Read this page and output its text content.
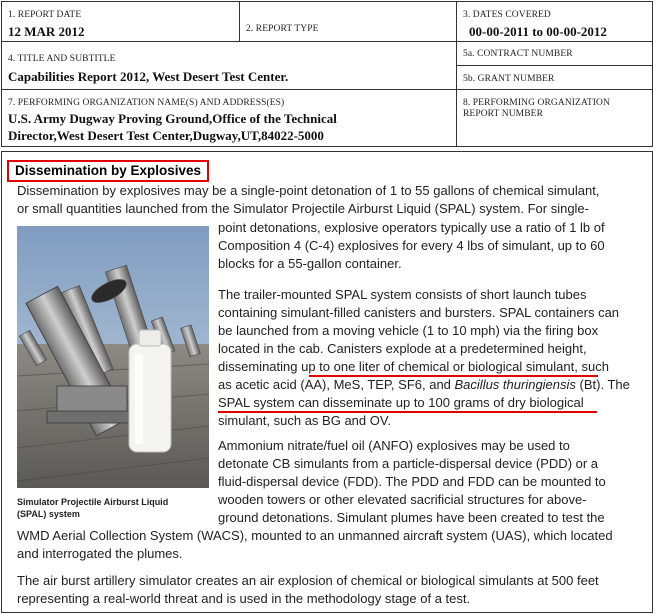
1. REPORT DATE
12 MAR 2012	2. REPORT TYPE
3. DATES COVERED
00-00-2011 to 00-00-2012
4. TITLE AND SUBTITLE
Capabilities Report 2012, West Desert Test Center.
5a. CONTRACT NUMBER
5b. GRANT NUMBER
7. PERFORMING ORGANIZATION NAME(S) AND ADDRESS(ES)
U.S. Army Dugway Proving Ground,Office of the Technical
Director,West Desert Test Center,Dugway,UT,84022-5000
8. PERFORMING ORGANIZATION
REPORT NUMBER
Dissemination by Explosives
Dissemination by explosives may be a single-point detonation of 1 to 55 gallons of chemical simulant,
or small quantities launched from the Simulator Projectile Airburst Liquid (SPAL) system. For single-
point detonations, explosive operators typically use a ratio of 1 lb of
Composition 4 (C-4) explosives for every 4 lbs of simulant, up to 60
blocks for a 55-gallon container.
Simulator Projectile Airburst Liquid
(SPAL) system
The trailer-mounted SPAL system consists of short launch tubes
containing simulant-filled canisters and bursters. SPAL containers can
be launched from a moving vehicle (1 to 10 mph) via the firing box
located in the cab. Canisters explode at a predetermined height,
disseminating up to one liter of chemical or biological simulant, such
as acetic acid (AA), MeS, TEP, SF6, and Bacillus thuringiensis (Bt). The
SPAL system can disseminate up to 100 grams of dry biological
simulant, such as BG and OV.
Ammonium nitrate/fuel oil (ANFO) explosives may be used to
detonate CB simulants from a particle-dispersal device (PDD) or a
fluid-dispersal device (FDD). The PDD and FDD can be mounted to
wooden towers or other elevated sacrificial structures for above-
ground detonations. Simulant plumes have been created to test the
WMD Aerial Collection System (WACS), mounted to an unmanned aircraft system (UAS), which located
and interrogated the plumes.
The air burst artillery simulator creates an air explosion of chemical or biological simulants at 500 feet
representing a real-world threat and is used in the methodology stage of a test.
